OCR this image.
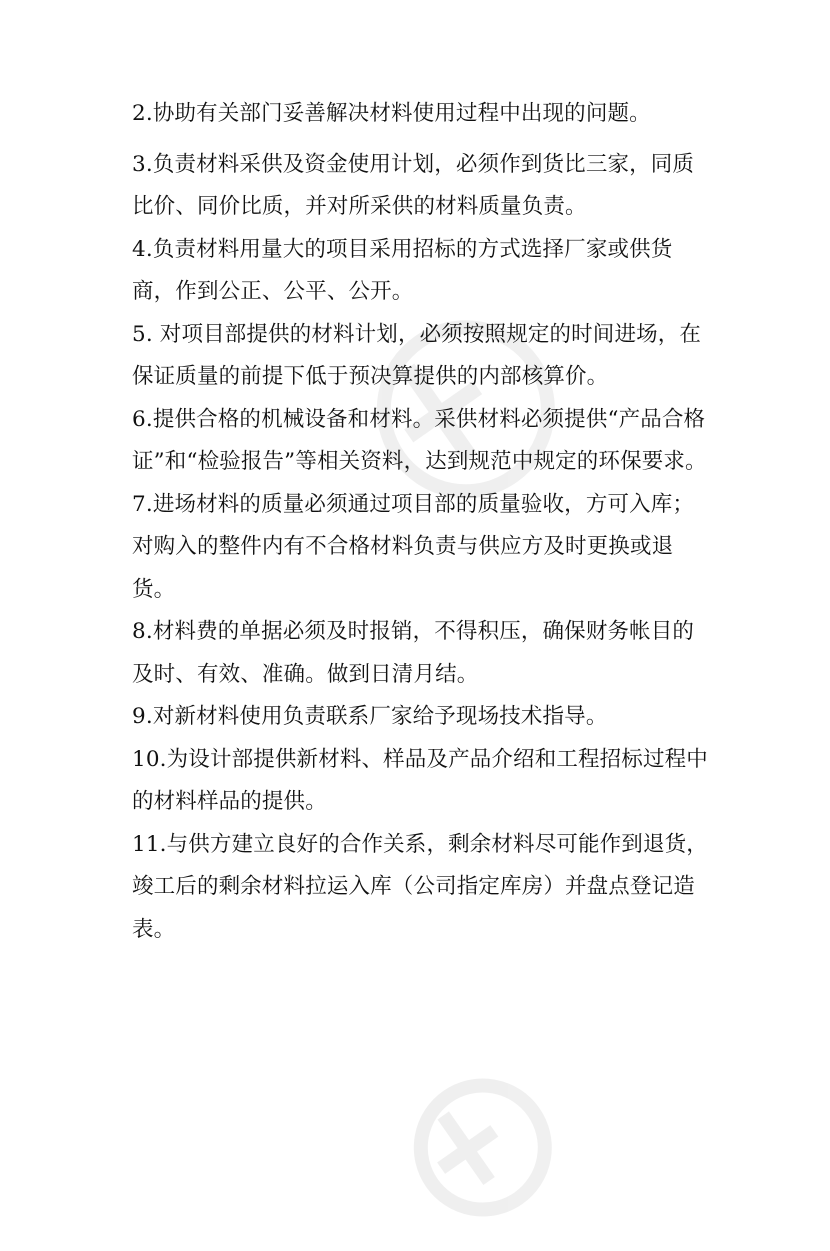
2.协助有关部门妥善解决材料使用过程中出现的问题。

3.负责材料采供及资金使用计划，必须作到货比三家，同质比价、同价比质，并对所采供的材料质量负责。

4.负责材料用量大的项目采用招标的方式选择厂家或供货商，作到公正、公平、公开。

5. 对项目部提供的材料计划，必须按照规定的时间进场，在保证质量的前提下低于预决算提供的内部核算价。

6.提供合格的机械设备和材料。采供材料必须提供“产品合格证”和“检验报告”等相关资料，达到规范中规定的环保要求。

7.进场材料的质量必须通过项目部的质量验收，方可入库；对购入的整件内有不合格材料负责与供应方及时更换或退货。

8.材料费的单据必须及时报销，不得积压，确保财务帐目的及时、有效、准确。做到日清月结。

9.对新材料使用负责联系厂家给予现场技术指导。

10.为设计部提供新材料、样品及产品介绍和工程招标过程中的材料样品的提供。

11.与供方建立良好的合作关系，剩余材料尽可能作到退货，竣工后的剩余材料拉运入库（公司指定库房）并盘点登记造表。
